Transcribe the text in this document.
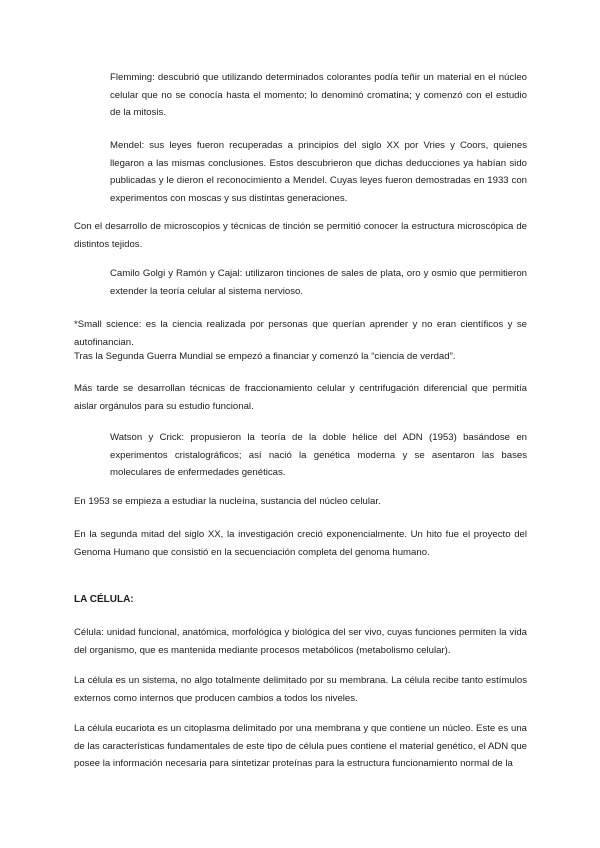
Flemming: descubrió que utilizando determinados colorantes podía teñir un material en el núcleo celular que no se conocía hasta el momento; lo denominó cromatina; y comenzó con el estudio de la mitosis.

Mendel: sus leyes fueron recuperadas a principios del siglo XX por Vries y Coors, quienes llegaron a las mismas conclusiones. Estos descubrieron que dichas deducciones ya habían sido publicadas y le dieron el reconocimiento a Mendel. Cuyas leyes fueron demostradas en 1933 con experimentos con moscas y sus distintas generaciones.

Con el desarrollo de microscopios y técnicas de tinción se permitió conocer la estructura microscópica de distintos tejidos.

Camilo Golgi y Ramón y Cajal: utilizaron tinciones de sales de plata, oro y osmio que permitieron extender la teoría celular al sistema nervioso.

*Small science: es la ciencia realizada por personas que querían aprender y no eran científicos y se autofinancian.

Tras la Segunda Guerra Mundial se empezó a financiar y comenzó la “ciencia de verdad”.

Más tarde se desarrollan técnicas de fraccionamiento celular y centrifugación diferencial que permitía aislar orgánulos para su estudio funcional.

Watson y Crick: propusieron la teoría de la doble hélice del ADN (1953) basándose en experimentos cristalográficos; así nació la genética moderna y se asentaron las bases moleculares de enfermedades genéticas.

En 1953 se empieza a estudiar la nucleína, sustancia del núcleo celular.

En la segunda mitad del siglo XX, la investigación creció exponencialmente. Un hito fue el proyecto del Genoma Humano que consistió en la secuenciación completa del genoma humano.

LA CÉLULA:

Célula: unidad funcional, anatómica, morfológica y biológica del ser vivo, cuyas funciones permiten la vida del organismo, que es mantenida mediante procesos metabólicos (metabolismo celular).

La célula es un sistema, no algo totalmente delimitado por su membrana. La célula recibe tanto estímulos externos como internos que producen cambios a todos los niveles.

La célula eucariota es un citoplasma delimitado por una membrana y que contiene un núcleo. Este es una de las características fundamentales de este tipo de célula pues contiene el material genético, el ADN que posee la información necesaria para sintetizar proteínas para la estructura funcionamiento normal de la
